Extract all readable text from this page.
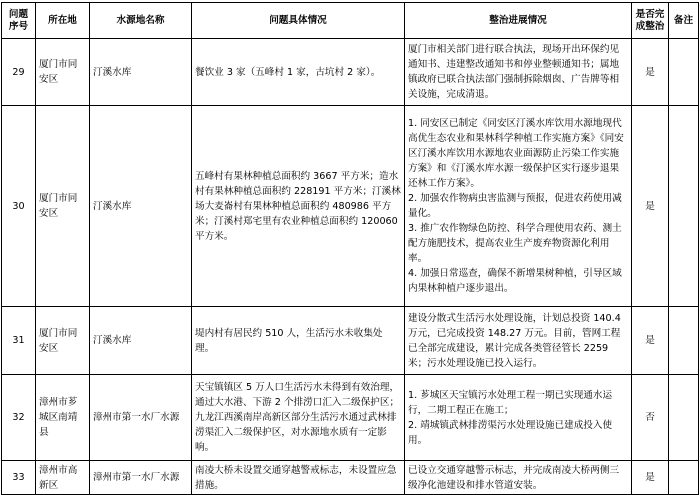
问题序号	所在地	水源地名称	问题具体情况	整治进展情况	是否完成整治	备注
29	厦门市同安区	汀溪水库	餐饮业 3 家（五峰村 1 家，古坑村 2 家）。	厦门市相关部门进行联合执法，现场开出环保约见通知书、违建整改通知书和停业整顿通知书；属地镇政府已联合执法部门强制拆除烟囱、广告牌等相关设施，完成清退。	是	
30	厦门市同安区	汀溪水库	五峰村有果林种植总面积约 3667 平方米；造水村有果林种植总面积约 228191 平方米；汀溪林场大麦崙村有果林种植总面积约 480986 平方米；汀溪村郑宅里有农业种植总面积约 120060 平方米。	1. 同安区已制定《同安区汀溪水库饮用水源地现代高优生态农业和果林科学种植工作实施方案》《同安区汀溪水库饮用水源地农业面源防止污染工作实施方案》和《汀溪水库水源一级保护区实行逐步退果还林工作方案》。
2. 加强农作物病虫害监测与预报，促进农药使用减量化。
3. 推广农作物绿色防控、科学合理使用农药、测土配方施肥技术，提高农业生产废弃物资源化利用率。
4. 加强日常巡查，确保不新增果树种植，引导区域内果林种植户逐步退出。	是	
31	厦门市同安区	汀溪水库	堤内村有居民约 510 人，生活污水未收集处理。	建设分散式生活污水处理设施，计划总投资 140.4 万元，已完成投资 148.27 万元。目前，管网工程已全部完成建设，累计完成各类管径管长 2259 米；污水处理设施已投入运行。	是	
32	漳州市芗城区南靖县	漳州市第一水厂水源	天宝镇镇区 5 万人口生活污水未得到有效治理，通过大水港、下游 2 个排涝口汇入二级保护区；九龙江西溪南岸高新区部分生活污水通过武林排涝渠汇入二级保护区，对水源地水质有一定影响。	1. 芗城区天宝镇污水处理工程一期已实现通水运行，二期工程正在施工；
2. 靖城镇武林排涝渠污水处理设施已建成投入使用。	否	
33	漳州市高新区	漳州市第一水厂水源	南凌大桥未设置交通穿越警戒标志，未设置应急措施。	已设立交通穿越警示标志，并完成南凌大桥两侧三级净化池建设和排水管道安装。	是	
